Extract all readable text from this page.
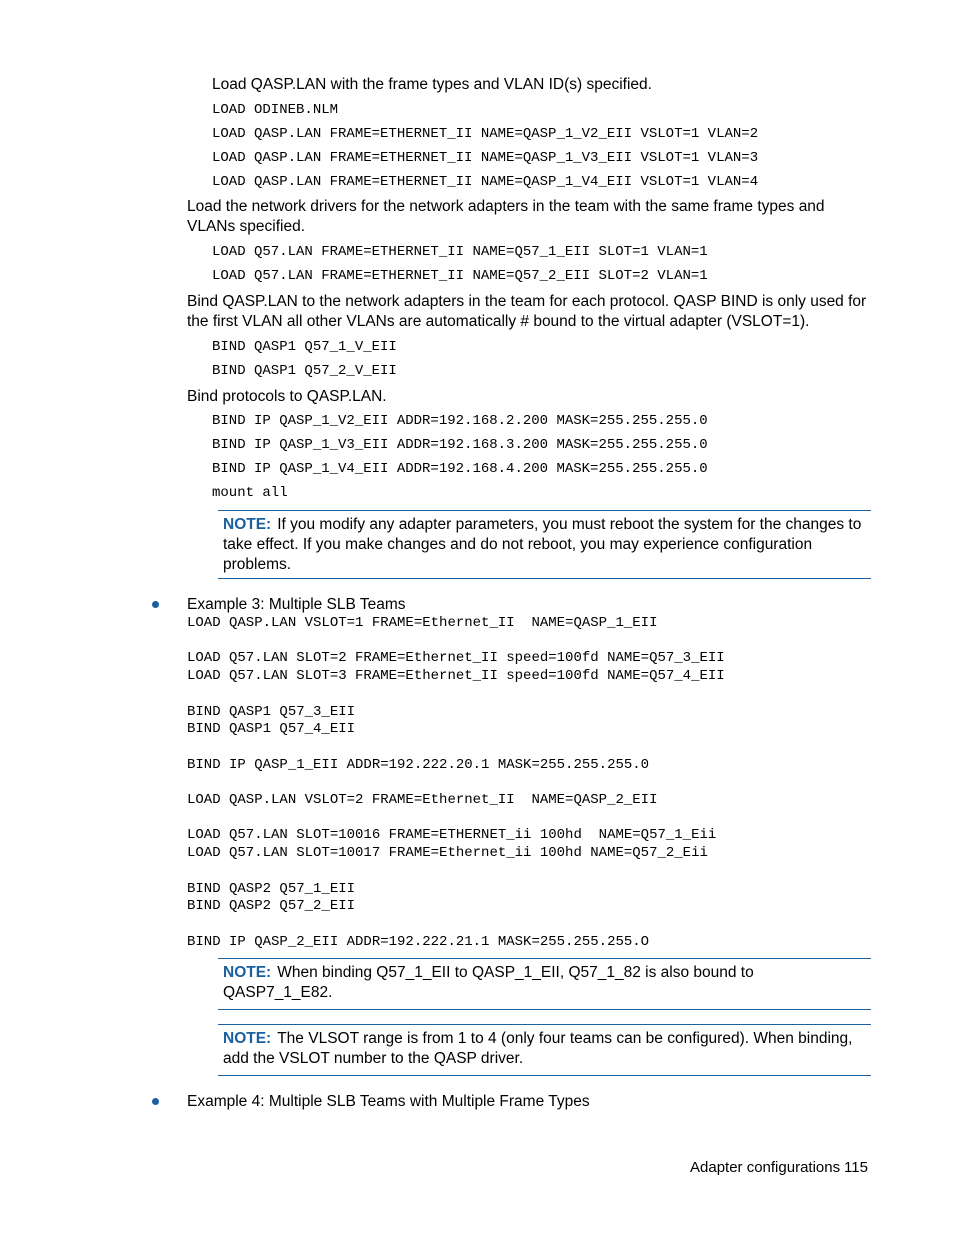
Load QASP.LAN with the frame types and VLAN ID(s) specified.
LOAD ODINEB.NLM
LOAD QASP.LAN FRAME=ETHERNET_II NAME=QASP_1_V2_EII VSLOT=1 VLAN=2
LOAD QASP.LAN FRAME=ETHERNET_II NAME=QASP_1_V3_EII VSLOT=1 VLAN=3
LOAD QASP.LAN FRAME=ETHERNET_II NAME=QASP_1_V4_EII VSLOT=1 VLAN=4
Load the network drivers for the network adapters in the team with the same frame types and VLANs specified.
LOAD Q57.LAN FRAME=ETHERNET_II NAME=Q57_1_EII SLOT=1 VLAN=1
LOAD Q57.LAN FRAME=ETHERNET_II NAME=Q57_2_EII SLOT=2 VLAN=1
Bind QASP.LAN to the network adapters in the team for each protocol. QASP BIND is only used for the first VLAN all other VLANs are automatically # bound to the virtual adapter (VSLOT=1).
BIND QASP1 Q57_1_V_EII
BIND QASP1 Q57_2_V_EII
Bind protocols to QASP.LAN.
BIND IP QASP_1_V2_EII ADDR=192.168.2.200 MASK=255.255.255.0
BIND IP QASP_1_V3_EII ADDR=192.168.3.200 MASK=255.255.255.0
BIND IP QASP_1_V4_EII ADDR=192.168.4.200 MASK=255.255.255.0
mount all
NOTE: If you modify any adapter parameters, you must reboot the system for the changes to take effect. If you make changes and do not reboot, you may experience configuration problems.
Example 3: Multiple SLB Teams
LOAD QASP.LAN VSLOT=1 FRAME=Ethernet_II  NAME=QASP_1_EII

LOAD Q57.LAN SLOT=2 FRAME=Ethernet_II speed=100fd NAME=Q57_3_EII
LOAD Q57.LAN SLOT=3 FRAME=Ethernet_II speed=100fd NAME=Q57_4_EII

BIND QASP1 Q57_3_EII
BIND QASP1 Q57_4_EII

BIND IP QASP_1_EII ADDR=192.222.20.1 MASK=255.255.255.0

LOAD QASP.LAN VSLOT=2 FRAME=Ethernet_II  NAME=QASP_2_EII

LOAD Q57.LAN SLOT=10016 FRAME=ETHERNET_ii 100hd  NAME=Q57_1_Eii
LOAD Q57.LAN SLOT=10017 FRAME=Ethernet_ii 100hd NAME=Q57_2_Eii

BIND QASP2 Q57_1_EII
BIND QASP2 Q57_2_EII

BIND IP QASP_2_EII ADDR=192.222.21.1 MASK=255.255.255.O
NOTE: When binding Q57_1_EII to QASP_1_EII, Q57_1_82 is also bound to QASP7_1_E82.
NOTE: The VLSOT range is from 1 to 4 (only four teams can be configured). When binding, add the VSLOT number to the QASP driver.
Example 4: Multiple SLB Teams with Multiple Frame Types
Adapter configurations 115
